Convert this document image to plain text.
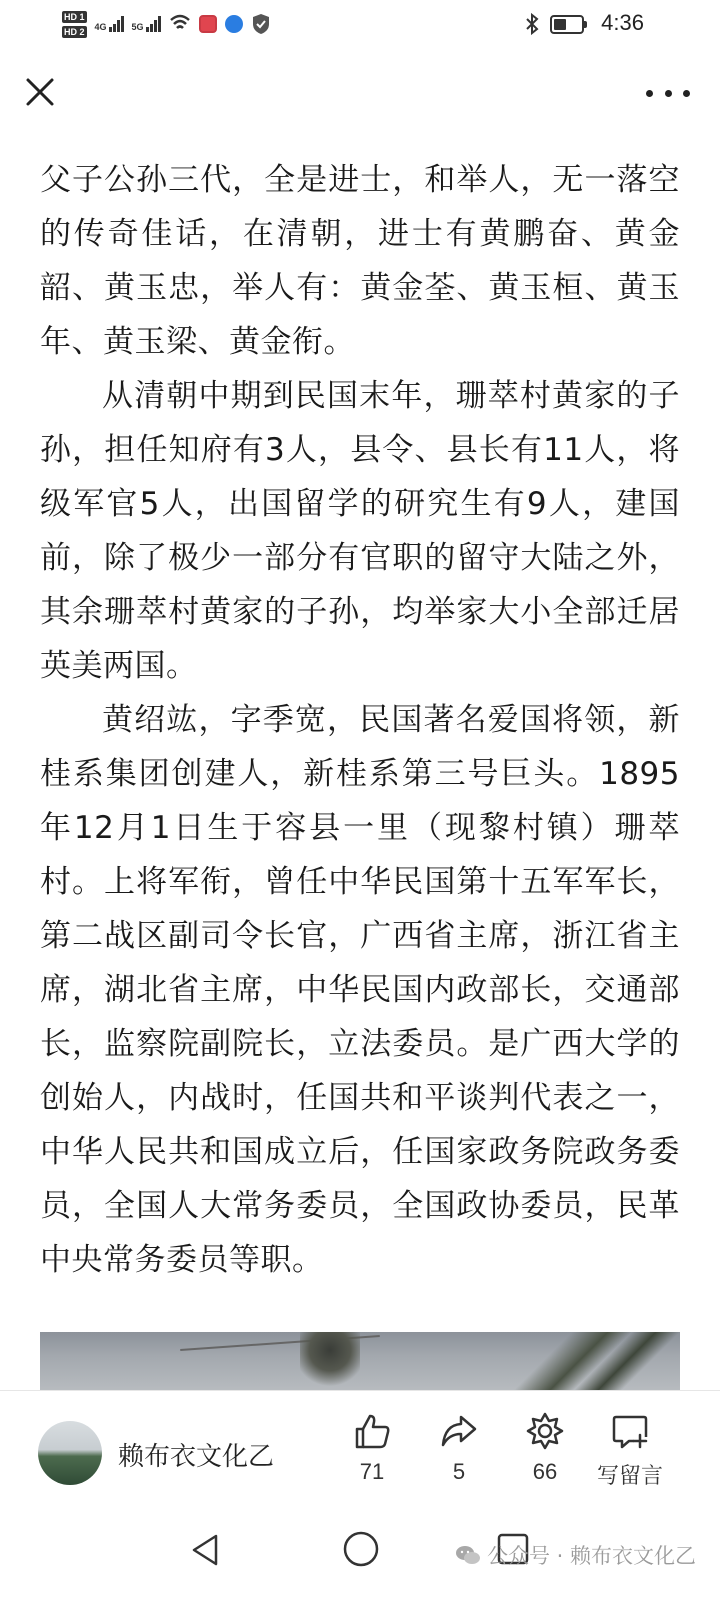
HD 1
HD 2 4G	5G	4:36

父子公孙三代，全是进士，和举人，无一落空的传奇佳话，在清朝，进士有黄鹏奋、黄金韶、黄玉忠，举人有：黄金荃、黄玉桓、黄玉年、黄玉梁、黄金衔。

从清朝中期到民国末年，珊萃村黄家的子孙，担任知府有3人，县令、县长有11人，将级军官5人，出国留学的研究生有9人，建国前，除了极少一部分有官职的留守大陆之外，其余珊萃村黄家的子孙，均举家大小全部迁居英美两国。

黄绍竑，字季宽，民国著名爱国将领，新桂系集团创建人，新桂系第三号巨头。1895年12月1日生于容县一里（现黎村镇）珊萃村。上将军衔，曾任中华民国第十五军军长，第二战区副司令长官，广西省主席，浙江省主席，湖北省主席，中华民国内政部长，交通部长，监察院副院长，立法委员。是广西大学的创始人，内战时，任国共和平谈判代表之一，中华人民共和国成立后，任国家政务院政务委员，全国人大常务委员，全国政协委员，民革中央常务委员等职。

赖布衣文化乙	71	5	66 写留言
公众号 · 赖布衣文化乙
